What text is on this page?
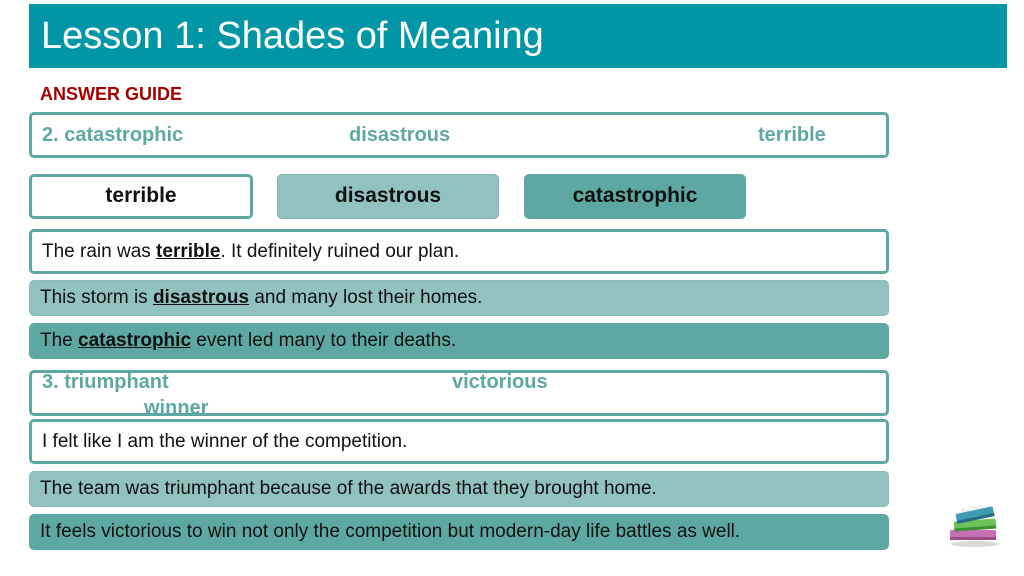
Lesson 1: Shades of Meaning
ANSWER GUIDE
2. catastrophic	disastrous	terrible
terrible	disastrous	catastrophic
The rain was terrible. It definitely ruined our plan.
This storm is disastrous and many lost their homes.
The catastrophic event led many to their deaths.
3. triumphant	victorious
winner
I felt like I am the winner of the competition.
The team was triumphant because of the awards that they brought home.
It feels victorious to win not only the competition but modern-day life battles as well.
